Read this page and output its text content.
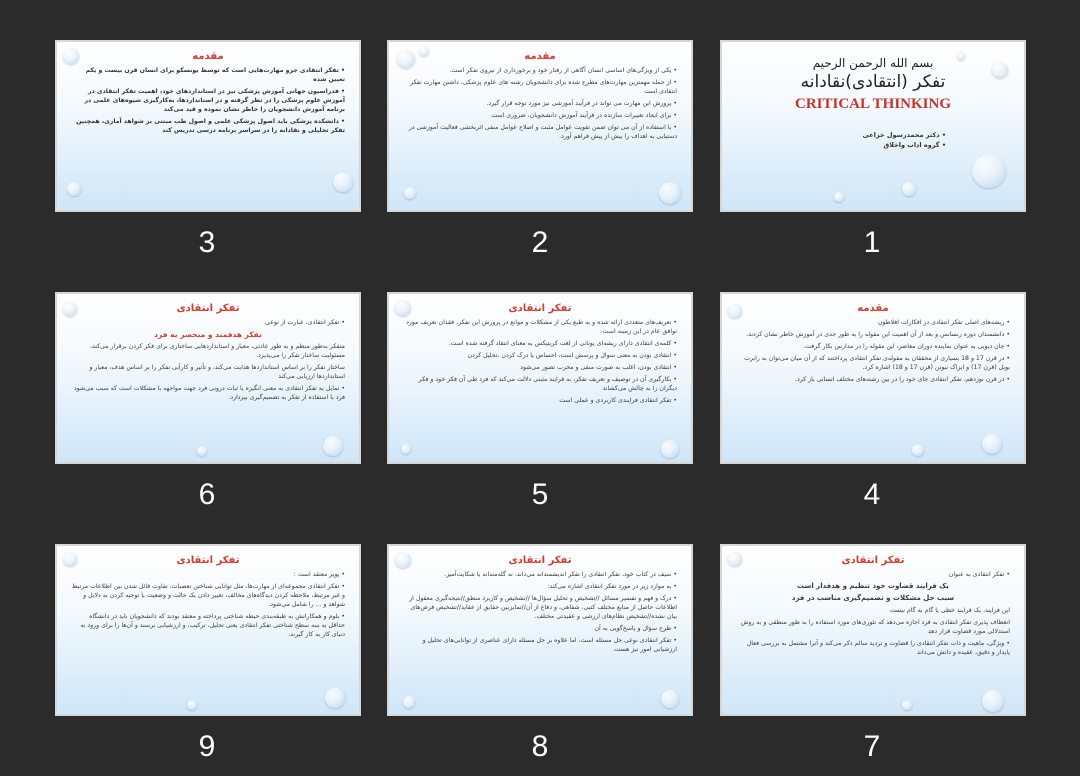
بسم الله الرحمن الرحیم
تفکر (انتقادی)نقادانه
CRITICAL THINKING

• دکتر محمدرسول خزاعی

• گروه اداب واخلاق

1
مقدمه

• یکی از ویژگی‌های اساسی انسان آگاهی از رفتار خود و برخورداری از نیروی تفکر است.

• از جمله مهمترین مهارت‌های مطرح شده برای دانشجویان رشته های علوم پزشکی، داشتن مهارت تفکر انتقادی است

• پرورش این مهارت می تواند در فرآیند آموزشی نیز مورد توجه قرار گیرد.

• برای ایجاد تغییرات سازنده در فرآیند آموزش دانشجویان، ضروری است

• با استفاده از آن می توان ضمن تقویت عوامل مثبت و اصلاح عوامل منفی اثربخشی فعالیت آموزشی در دستیابی به اهداف را بیش از پیش فراهم آورد.

2
مقدمه

• تفکر انتقادی جزو مهارت‌هایی است که توسط یونسکو برای انسان قرن بیست و یکم تعیین شده

• فدراسیون جهانی آموزش پزشکی نیز در استانداردهای خود، اهمیت تفکر انتقادی در آموزش علوم پزشکی را در نظر گرفته و در استانداردها، به‌کارگیری شیوه‌های علمی در برنامه آموزش دانشجویان را خاطر نشان نموده و قید می‌کند

• دانشکده پزشکی باید اصول پزشکی علمی و اصول طب مبتنی بر شواهد آماری، همچنین تفکر تحلیلی و نقادانه را در سراسر برنامه درسی تدریس کند

3
مقدمه

• ریشه‌های اصلی تفکر انتقادی در افکارات افلاطون

• دانشمندان دوره رنسانس و بعد از آن اهمیت این مقوله را به طور جدی در آموزش خاطر نشان کردند.

• جان دیویی به عنوان نماینده دوران معاصر، این مقوله را در مدارس بکار گرفت.

• در قرن 17 و 18 بسیاری از محققان به مقوله‌ی تفکر انتقادی پرداختند که از آن میان می‌توان به رابرت بویل (قرن 17) و ایزاک نیوتن (قرن 17 و 18) اشاره کرد.

• در قرن نوزدهم، تفکر انتقادی جای خود را در بین رشته‌های مختلف انسانی باز کرد.

4
تفکر انتقادی

• تعریف‌های متعددی ارائه شده و به طبع یکی از مشکلات و موانع در پرورش این تفکر، فقدان تعریف مورد توافق عام در این زمینه است.

• کلمه‌ی انتقادی دارای ریشه‌ای یونانی از لغت کریتیکس به معنای انتقاد گرفته شده است.

• انتقادی بودن به معنی سوال و پرسش است، احساس یا درک کردن ،تحلیل کردن

• انتقادی بودن، اغلب به صورت منفی و مخرب تصور می‌شود

• بکارگیری آن در توصیف و تعریف تفکر، به فرایند مثبتی دلالت می‌کند که فرد طی آن فکر خود و فکر دیگران را به چالش می‌کشاند

• تفکر انتقادی فرایندی کاربردی و عملی است

5
تفکر انتقادی

• تفکر انتقادی، عبارت از نوعی

تفکر هدفمند و منحصر به فرد

متفکر به‌طور منظم و به طور عادتی، معیار و استانداردهایی ساختاری برای فکر کردن برقرار می‌کند، مسئولیت ساختار تفکر را می‌پذیرد.

ساختار تفکر را بر اساس استانداردها هدایت می‌کند، و تأثیر و کارآیی تفکر را بر اساس هدف، معیار و استانداردها ارزیابی می‌کند

• تمایل به تفکر انتقادی به معنی انگیزه یا ثبات درونی فرد جهت مواجهه با مشکلات است که سبب می‌شود فرد با استفاده از تفکر به تصمیم‌گیری بپردازد.

6
تفکر انتقادی

• تفکر انتقادی به عنوان

یک فرایند قضاوت خود تنظیم و هدفدار است

سبب حل مشکلات و تصمیم‌گیری مناسب در فرد

این فرایند، یک فرایند خطی یا گام به گام نیست

انعطاف پذیری تفکر انتقادی به فرد اجازه می‌دهد که تئوری‌های مورد استفاده را به طور منطقی و به روش استدلالی مورد قضاوت قرار دهد

• ویژگی، ماهیت و ذات تفکر انتقادی را قضاوت و تردید سالم ذکر می‌کند و آنرا مشتمل به بررسی فعال پایدار و دقیق، عقیده و دانش می‌داند

7
تفکر انتقادی

• سیف در کتاب خود، تفکر انتقادی را تفکر اندیشمندانه می‌داند، نه گله‌مندانه یا شکایت‌آمیز.

• به موارد زیر در مورد تفکر انتقادی اشاره می‌کند:

• درک و فهم و تفسیر مسائل //تشخیص و تحلیل سؤال‌ها //تشخیص و کاربرد منطق//نتیجه‌گیری معقول از اطلاعات حاصل از منابع مختلف کتبی، شفاهی، و دفاع از آن//تمایزبین حقایق از عقاید//تشخیص فرض‌های بیان نشده//تشخیص نظام‌های ارزشی و عقیدتی مختلف.

• طرح سؤال و پاسخ‌گویی به آن

• تفکر انتقادی نوعی حل مسئله است، اما علاوه بر حل مسئله دارای عناصری از توانایی‌های تحلیل و ارزشیابی امور نیز هست.

8
تفکر انتقادی

• پویر معتقد است :

• تفکر انتقادی مجموعه‌ای از مهارت‌ها، مثل توانایی شناختن تعصبات، تفاوت قائل شدن بین اطلاعات مرتبط و غیر مرتبط، ملاحظه کردن دیدگاه‌های مخالف، تغییر دادن یک حالت و وضعیت یا توجیه کردن به دلایل و شواهد و ... را شامل می‌شود.

• بلوم و همکارانش به طبقه‌بندی حیطه شناختی پرداخته و معتقد بودند که دانشجویان باید در دانشگاه حداقل به سه سطح شناختی تفکر انتقادی یعنی تحلیل، ترکیب، و ارزشیابی برسند و آن‌ها را برای ورود به دنیای کار به کار گیرند.

9
